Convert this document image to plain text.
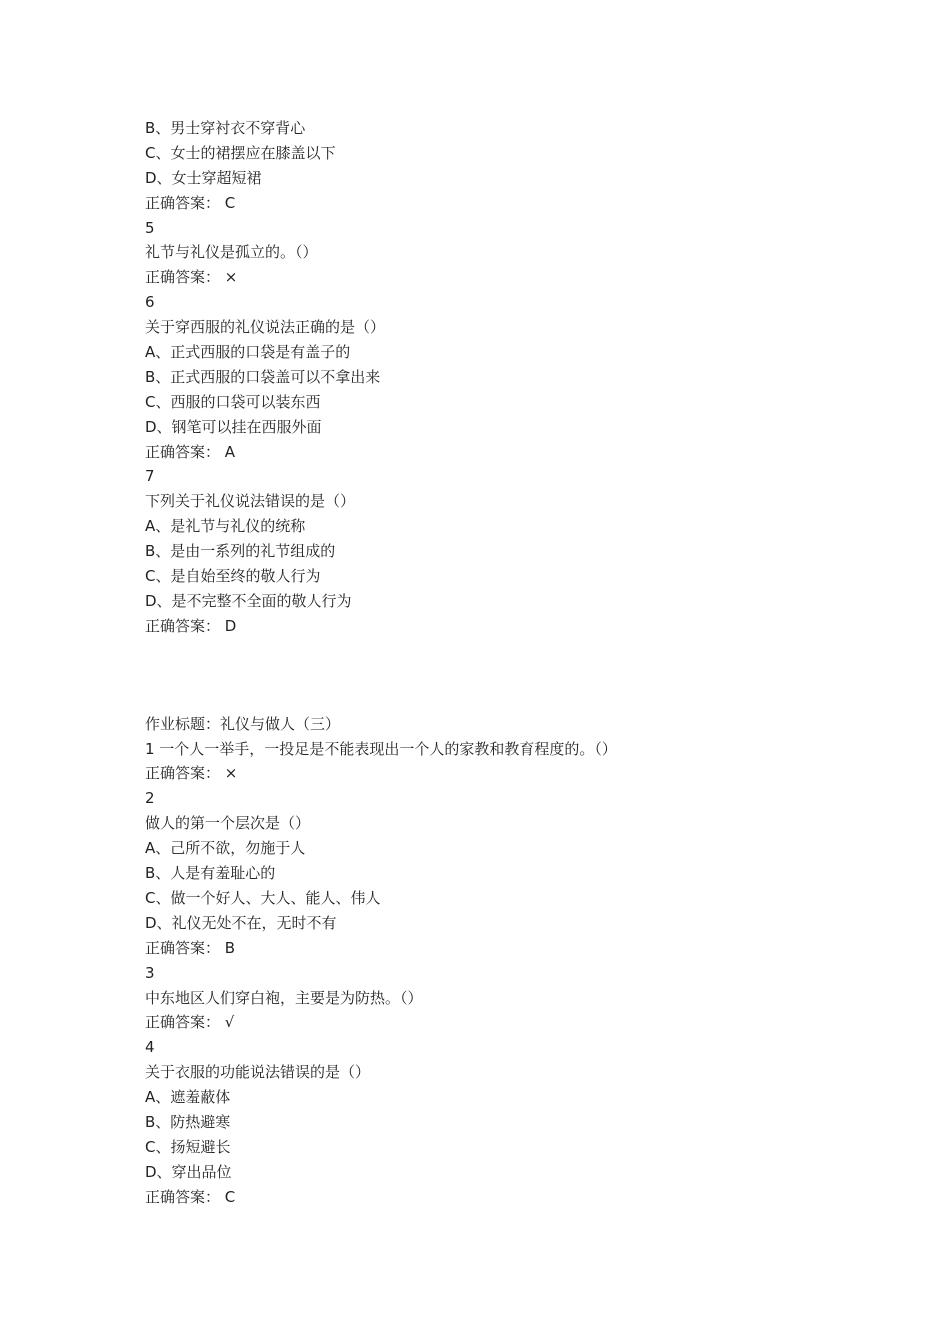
B、男士穿衬衣不穿背心
C、女士的裙摆应在膝盖以下
D、女士穿超短裙
正确答案： C
5
礼节与礼仪是孤立的。（）
正确答案： ×
6
关于穿西服的礼仪说法正确的是（）
A、正式西服的口袋是有盖子的
B、正式西服的口袋盖可以不拿出来
C、西服的口袋可以装东西
D、钢笔可以挂在西服外面
正确答案： A
7
下列关于礼仪说法错误的是（）
A、是礼节与礼仪的统称
B、是由一系列的礼节组成的
C、是自始至终的敬人行为
D、是不完整不全面的敬人行为
正确答案： D
作业标题：礼仪与做人（三）
1 一个人一举手，一投足是不能表现出一个人的家教和教育程度的。（）
正确答案： ×
2
做人的第一个层次是（）
A、己所不欲，勿施于人
B、人是有羞耻心的
C、做一个好人、大人、能人、伟人
D、礼仪无处不在，无时不有
正确答案： B
3
中东地区人们穿白袍，主要是为防热。（）
正确答案： √
4
关于衣服的功能说法错误的是（）
A、遮羞蔽体
B、防热避寒
C、扬短避长
D、穿出品位
正确答案： C
